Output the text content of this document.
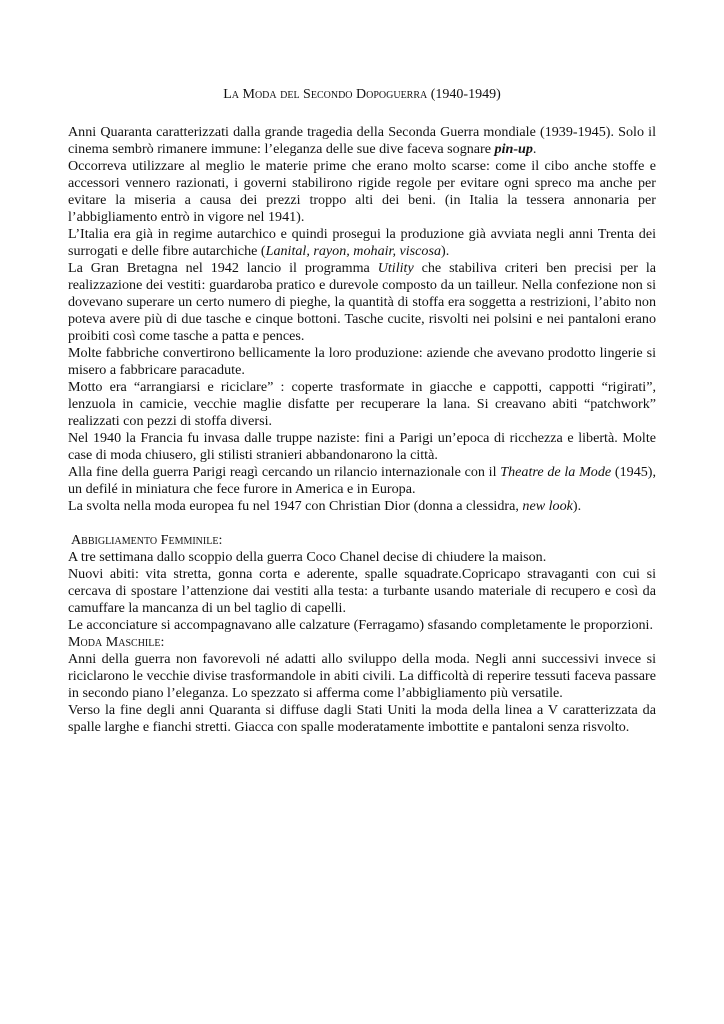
La Moda del Secondo Dopoguerra (1940-1949)

Anni Quaranta caratterizzati dalla grande tragedia della Seconda Guerra mondiale (1939-1945). Solo il cinema sembrò rimanere immune: l’eleganza delle sue dive faceva sognare pin-up.

Occorreva utilizzare al meglio le materie prime che erano molto scarse: come il cibo anche stoffe e accessori vennero razionati, i governi stabilirono rigide regole per evitare ogni spreco ma anche per evitare la miseria a causa dei prezzi troppo alti dei beni. (in Italia la tessera annonaria per l’abbigliamento entrò in vigore nel 1941).

L’Italia era già in regime autarchico e quindi prosegui la produzione già avviata negli anni Trenta dei surrogati e delle fibre autarchiche (Lanital, rayon, mohair, viscosa).

La Gran Bretagna nel 1942 lancio il programma Utility che stabiliva criteri ben precisi per la realizzazione dei vestiti: guardaroba pratico e durevole composto da un tailleur. Nella confezione non si dovevano superare un certo numero di pieghe, la quantità di stoffa era soggetta a restrizioni, l’abito non poteva avere più di due tasche e cinque bottoni. Tasche cucite, risvolti nei polsini e nei pantaloni erano proibiti così come tasche a patta e pences.

Molte fabbriche convertirono bellicamente la loro produzione: aziende che avevano prodotto lingerie si misero a fabbricare paracadute.

Motto era “arrangiarsi e riciclare” : coperte trasformate in giacche e cappotti, cappotti “rigirati”, lenzuola in camicie, vecchie maglie disfatte per recuperare la lana. Si creavano abiti “patchwork” realizzati con pezzi di stoffa diversi.

Nel 1940 la Francia fu invasa dalle truppe naziste: fini a Parigi un’epoca di ricchezza e libertà. Molte case di moda chiusero, gli stilisti stranieri abbandonarono la città.

Alla fine della guerra Parigi reagì cercando un rilancio internazionale con il Theatre de la Mode (1945), un defilé in miniatura che fece furore in America e in Europa.

La svolta nella moda europea fu nel 1947 con Christian Dior (donna a clessidra, new look).

Abbigliamento Femminile:

A tre settimana dallo scoppio della guerra Coco Chanel decise di chiudere la maison.

Nuovi abiti: vita stretta, gonna corta e aderente, spalle squadrate.Copricapo stravaganti con cui si cercava di spostare l’attenzione dai vestiti alla testa: a turbante usando materiale di recupero e così da camuffare la mancanza di un bel taglio di capelli.

Le acconciature si accompagnavano alle calzature (Ferragamo) sfasando completamente le proporzioni.

Moda Maschile:

Anni della guerra non favorevoli né adatti allo sviluppo della moda. Negli anni successivi invece si riciclarono le vecchie divise trasformandole in abiti civili. La difficoltà di reperire tessuti faceva passare in secondo piano l’eleganza. Lo spezzato si afferma come l’abbigliamento più versatile.

Verso la fine degli anni Quaranta si diffuse dagli Stati Uniti la moda della linea a V caratterizzata da spalle larghe e fianchi stretti. Giacca con spalle moderatamente imbottite e pantaloni senza risvolto.
